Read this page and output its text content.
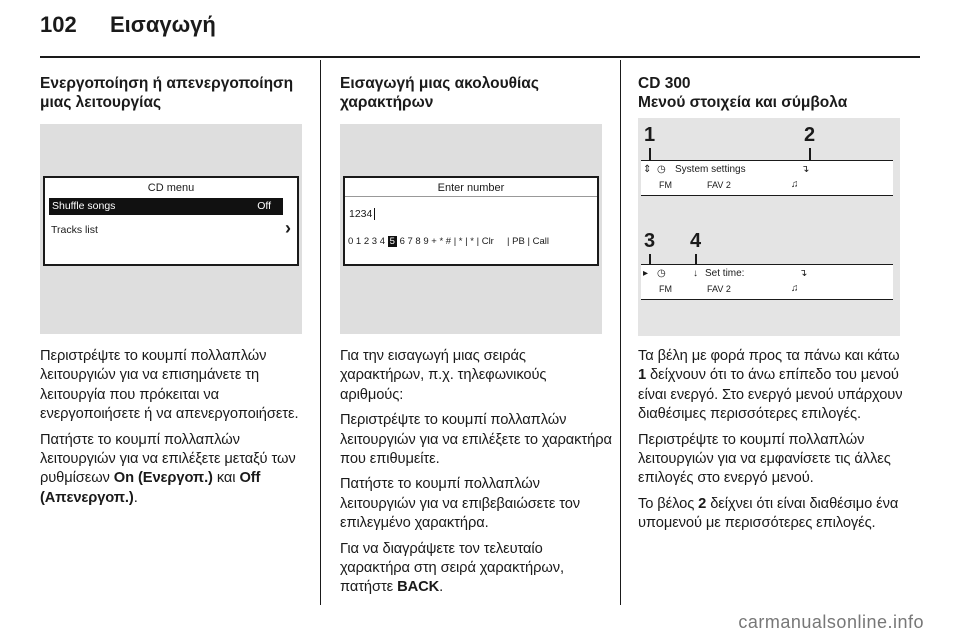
102 Εισαγωγή

Ενεργοποίηση ή απενεργοποίηση μιας λειτουργίας

CD menu
Shuffle songs	Off
Tracks list	›

Περιστρέψτε το κουμπί πολλαπλών λειτουργιών για να επισημάνετε τη λειτουργία που πρόκειται να ενεργοποιήσετε ή να απενεργοποιήσετε.

Πατήστε το κουμπί πολλαπλών λειτουργιών για να επιλέξετε μεταξύ των ρυθμίσεων On (Ενεργοπ.) και Off (Απενεργοπ.).

Εισαγωγή μιας ακολουθίας χαρακτήρων

Enter number
1234
0 1 2 3 4 5 6 7 8 9 + * # | * | * | Clr     | PB | Call

Για την εισαγωγή μιας σειράς χαρακτήρων, π.χ. τηλεφωνικούς αριθμούς:

Περιστρέψτε το κουμπί πολλαπλών λειτουργιών για να επιλέξετε το χαρακτήρα που επιθυμείτε.

Πατήστε το κουμπί πολλαπλών λειτουργιών για να επιβεβαιώσετε τον επιλεγμένο χαρακτήρα.

Για να διαγράψετε τον τελευταίο χαρακτήρα στη σειρά χαρακτήρων, πατήστε BACK.

CD 300

Μενού στοιχεία και σύμβολα

1	2
⇕ ◷ System settings	↴
FM	FAV 2	♫
3 4
▸ ◷	↓ Set time:	↴
FM	FAV 2	♫

Τα βέλη με φορά προς τα πάνω και κάτω 1 δείχνουν ότι το άνω επίπεδο του μενού είναι ενεργό. Στο ενεργό μενού υπάρχουν διαθέσιμες περισσότερες επιλογές.

Περιστρέψτε το κουμπί πολλαπλών λειτουργιών για να εμφανίσετε τις άλλες επιλογές στο ενεργό μενού.

Το βέλος 2 δείχνει ότι είναι διαθέσιμο ένα υπομενού με περισσότερες επιλογές.

carmanualsonline.info
